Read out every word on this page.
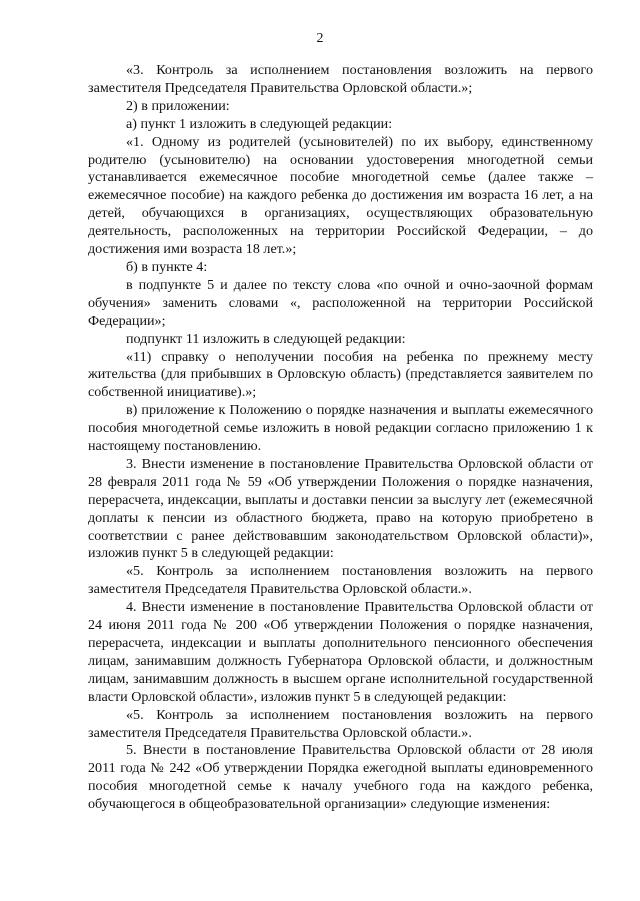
2

«3. Контроль за исполнением постановления возложить на первого заместителя Председателя Правительства Орловской области.»;

2) в приложении:

а) пункт 1 изложить в следующей редакции:

«1. Одному из родителей (усыновителей) по их выбору, единственному родителю (усыновителю) на основании удостоверения многодетной семьи устанавливается ежемесячное пособие многодетной семье (далее также – ежемесячное пособие) на каждого ребенка до достижения им возраста 16 лет, а на детей, обучающихся в организациях, осуществляющих образовательную деятельность, расположенных на территории Российской Федерации, – до достижения ими возраста 18 лет.»;

б) в пункте 4:

в подпункте 5 и далее по тексту слова «по очной и очно-заочной формам обучения» заменить словами «, расположенной на территории Российской Федерации»;

подпункт 11 изложить в следующей редакции:

«11) справку о неполучении пособия на ребенка по прежнему месту жительства (для прибывших в Орловскую область) (представляется заявителем по собственной инициативе).»;

в) приложение к Положению о порядке назначения и выплаты ежемесячного пособия многодетной семье изложить в новой редакции согласно приложению 1 к настоящему постановлению.

3. Внести изменение в постановление Правительства Орловской области от 28 февраля 2011 года № 59 «Об утверждении Положения о порядке назначения, перерасчета, индексации, выплаты и доставки пенсии за выслугу лет (ежемесячной доплаты к пенсии из областного бюджета, право на которую приобретено в соответствии с ранее действовавшим законодательством Орловской области)», изложив пункт 5 в следующей редакции:

«5. Контроль за исполнением постановления возложить на первого заместителя Председателя Правительства Орловской области.».

4. Внести изменение в постановление Правительства Орловской области от 24 июня 2011 года № 200 «Об утверждении Положения о порядке назначения, перерасчета, индексации и выплаты дополнительного пенсионного обеспечения лицам, занимавшим должность Губернатора Орловской области, и должностным лицам, занимавшим должность в высшем органе исполнительной государственной власти Орловской области», изложив пункт 5 в следующей редакции:

«5. Контроль за исполнением постановления возложить на первого заместителя Председателя Правительства Орловской области.».

5. Внести в постановление Правительства Орловской области от 28 июля 2011 года № 242 «Об утверждении Порядка ежегодной выплаты единовременного пособия многодетной семье к началу учебного года на каждого ребенка, обучающегося в общеобразовательной организации» следующие изменения:
